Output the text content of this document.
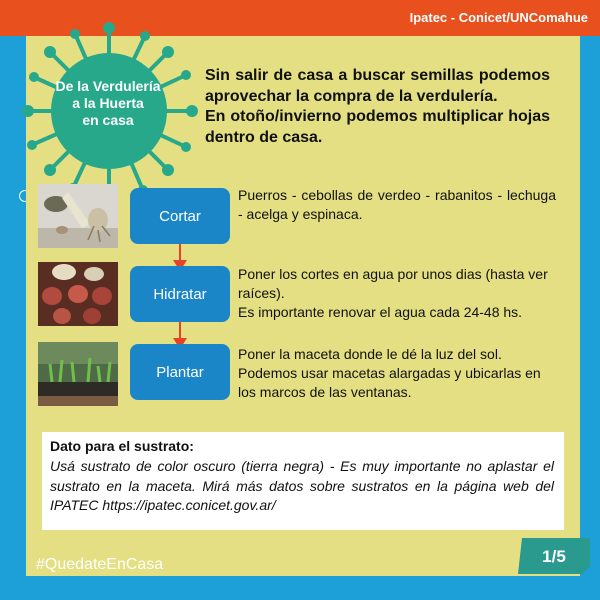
Ipatec - Conicet/UNComahue
De la Verdulería
a la Huerta
en casa

Sin salir de casa a buscar semillas podemos aprovechar la compra de la verdulería.

En otoño/invierno podemos multiplicar hojas dentro de casa.

Cortar

Puerros - cebollas de verdeo - rabanitos - lechuga - acelga y espinaca.

Hidratar

Poner los cortes en agua por unos dias (hasta ver raíces).

Es importante renovar el agua cada 24-48 hs.

Plantar

Poner la maceta donde le dé la luz del sol.

Podemos usar macetas alargadas y ubicarlas en los marcos de las ventanas.

Dato para el sustrato:
Usá sustrato de color oscuro (tierra negra) - Es muy importante no aplastar el sustrato en la maceta. Mirá más datos sobre sustratos en la página web del IPATEC https://ipatec.conicet.gov.ar/
#QuedateEnCasa	1/5
